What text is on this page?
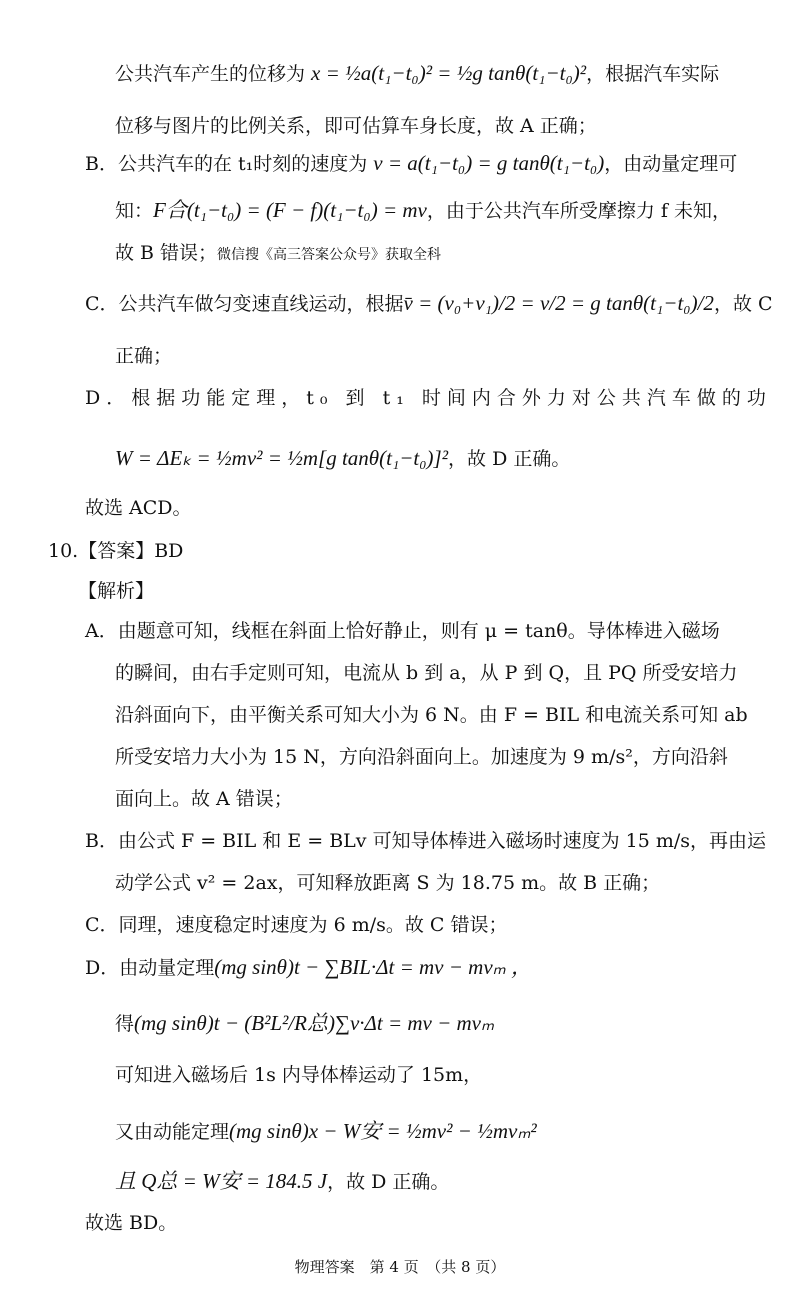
公共汽车产生的位移为 x = ½a(t₁−t₀)² = ½g tanθ(t₁−t₀)²，根据汽车实际
位移与图片的比例关系，即可估算车身长度，故 A 正确；
B．公共汽车的在 t₁时刻的速度为 v = a(t₁−t₀) = g tanθ(t₁−t₀)，由动量定理可
知：F合(t₁−t₀) = (F − f)(t₁−t₀) = mv，由于公共汽车所受摩擦力 f 未知，
故 B 错误；微信搜《高三答案公众号》获取全科
C．公共汽车做匀变速直线运动，根据v̄ = (v₀+v₁)/2 = v/2 = g tanθ(t₁−t₀)/2，故 C
正确；
D．根据功能定理，t₀ 到 t₁ 时间内合外力对公共汽车做的功
W = ΔEₖ = ½mv² = ½m[g tanθ(t₁−t₀)]²，故 D 正确。
故选 ACD。
10.【答案】BD
【解析】
A．由题意可知，线框在斜面上恰好静止，则有 μ = tanθ。导体棒进入磁场
的瞬间，由右手定则可知，电流从 b 到 a，从 P 到 Q，且 PQ 所受安培力
沿斜面向下，由平衡关系可知大小为 6 N。由 F = BIL 和电流关系可知 ab
所受安培力大小为 15 N，方向沿斜面向上。加速度为 9 m/s²，方向沿斜
面向上。故 A 错误；
B．由公式 F = BIL 和 E = BLv 可知导体棒进入磁场时速度为 15 m/s，再由运
动学公式 v² = 2ax，可知释放距离 S 为 18.75 m。故 B 正确；
C．同理，速度稳定时速度为 6 m/s。故 C 错误；
D．由动量定理(mg sinθ)t − ∑BIL·Δt = mv − mvₘ ，
得(mg sinθ)t − (B²L²/R总)∑v·Δt = mv − mvₘ
可知进入磁场后 1s 内导体棒运动了 15m，
又由动能定理(mg sinθ)x − W安 = ½mv² − ½mvₘ²
且 Q总 = W安 = 184.5 J，故 D 正确。
故选 BD。
物理答案　第 4 页　（共 8 页）
